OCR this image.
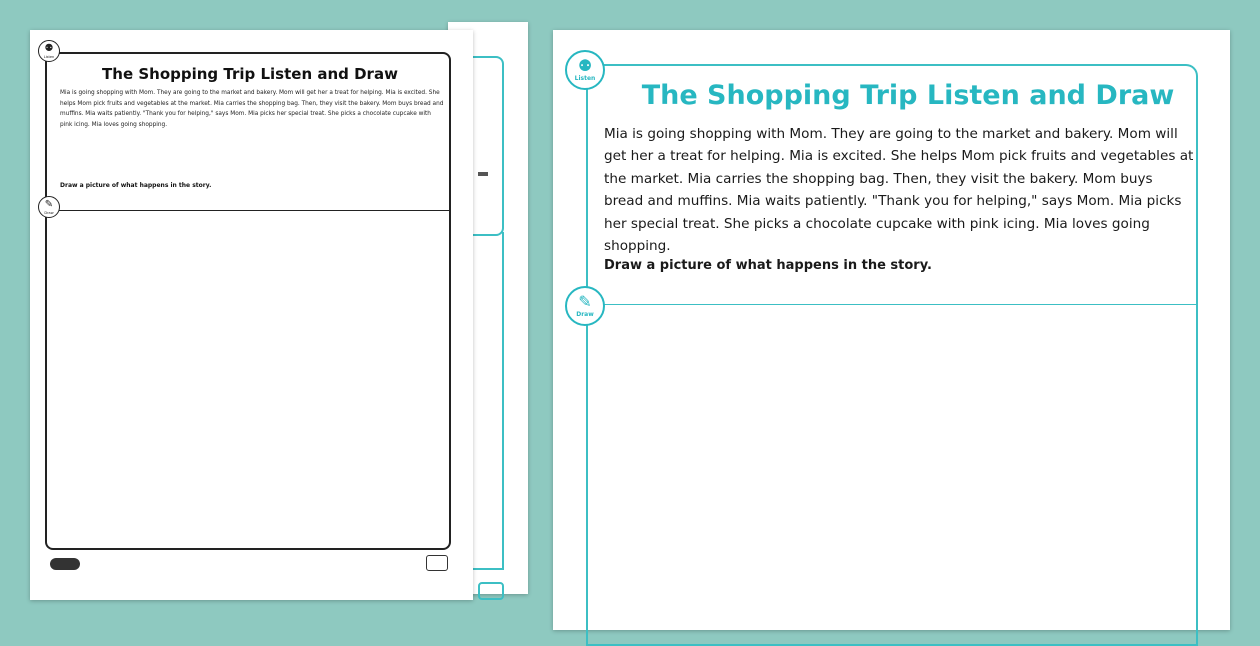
⚉
Listen
✎
Draw
The Shopping Trip Listen and Draw
Mia is going shopping with Mom. They are going to the market and bakery. Mom will get her a treat for helping. Mia is excited. She helps Mom pick fruits and vegetables at the market. Mia carries the shopping bag. Then, they visit the bakery. Mom buys bread and muffins. Mia waits patiently. "Thank you for helping," says Mom. Mia picks her special treat. She picks a chocolate cupcake with pink icing. Mia loves going shopping.
Draw a picture of what happens in the story.
⚉
Listen
✎
Draw
The Shopping Trip Listen and Draw
Mia is going shopping with Mom. They are going to the market and bakery. Mom will get her a treat for helping. Mia is excited. She helps Mom pick fruits and vegetables at the market. Mia carries the shopping bag. Then, they visit the bakery. Mom buys bread and muffins. Mia waits patiently. "Thank you for helping," says Mom. Mia picks her special treat. She picks a chocolate cupcake with pink icing. Mia loves going shopping.
Draw a picture of what happens in the story.
